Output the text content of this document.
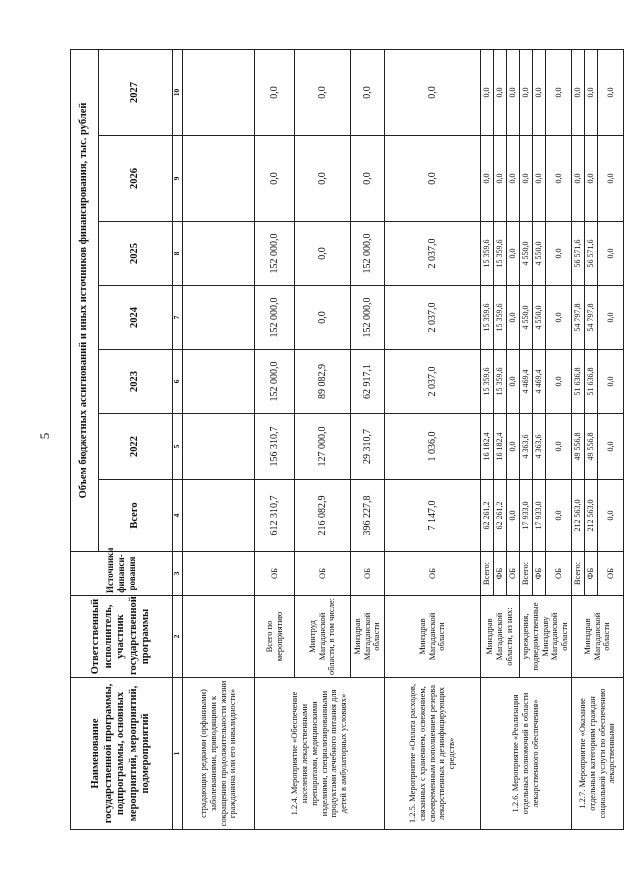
5
Наименование государственной программы, подпрограммы, основных мероприятий, мероприятий, подмероприятий	Ответственный исполнитель, участник государственной программы	Источники финанси-рования	Объем бюджетных ассигнований и иных источников финансирования, тыс. рублей						
			Всего	2022	2023	2024	2025	2026	2027
1	2	3	4	5	6	7	8	9	10
страдающих редкими (орфанными) заболеваниями, приводящими к сокращению продолжительности жизни гражданина или его инвалидности»									
1.2.4. Мероприятие «Обеспечение населения лекарственными препаратами, медицинскими изделиями, специализированными продуктами лечебного питания для детей в амбулаторных условиях»	Всего по мероприятию	ОБ	612 310,7	156 310,7	152 000,0	152 000,0	152 000,0	0,0	0,0
	Минтруд Магаданской области, в том числе:	ОБ	216 082,9	127 000,0	89 082,9	0,0	0,0	0,0	0,0
	Минздрав Магаданской области	ОБ	396 227,8	29 310,7	62 917,1	152 000,0	152 000,0	0,0	0,0
1.2.5. Мероприятие «Оплата расходов, связанных с хранением, освежением, своевременным пополнением резерва лекарственных и дезинфицирующих средств»	Минздрав Магаданской области	ОБ	7 147,0	1 036,0	2 037,0	2 037,0	2 037,0	0,0	0,0
1.2.6. Мероприятие «Реализация отдельных полномочий в области лекарственного обеспечения»	Минздрав Магаданской области, из них:	Всего:	62 261,2	16 182,4	15 359,6	15 359,6	15 359,6	0,0	0,0
		ФБ	62 261,2	16 182,4	15 359,6	15 359,6	15 359,6	0,0	0,0
		ОБ	0,0	0,0	0,0	0,0	0,0	0,0	0,0
	учреждения, подведомственные Минздраву Магаданской области	Всего:	17 933,0	4 363,6	4 469,4	4 550,0	4 550,0	0,0	0,0
		ФБ	17 933,0	4 363,6	4 469,4	4 550,0	4 550,0	0,0	0,0
		ОБ	0,0	0,0	0,0	0,0	0,0	0,0	0,0
1.2.7. Мероприятие «Оказание отдельным категориям граждан социальной услуги по обеспечению лекарственными	Минздрав Магаданской области	Всего:	212 563,0	49 556,8	51 636,8	54 797,8	56 571,6	0,0	0,0
		ФБ	212 563,0	49 556,8	51 636,8	54 797,8	56 571,6	0,0	0,0
		ОБ	0,0	0,0	0,0	0,0	0,0	0,0	0,0
